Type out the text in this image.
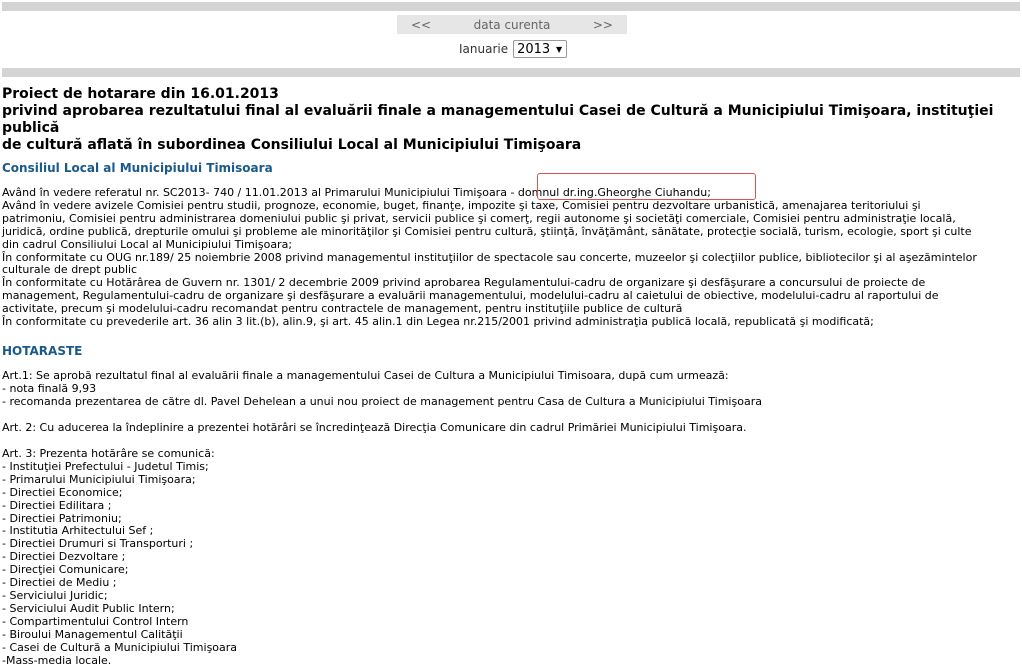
<<	data curenta	>>
Ianuarie 2013 ▼
Proiect de hotarare din 16.01.2013
privind aprobarea rezultatului final al evaluării finale a managementului Casei de Cultură a Municipiului Timişoara, instituţiei publică
de cultură aflată în subordinea Consiliului Local al Municipiului Timişoara
Consiliul Local al Municipiului Timisoara
Având în vedere referatul nr. SC2013- 740 / 11.01.2013 al Primarului Municipiului Timişoara - domnul dr.ing.Gheorghe Ciuhandu;
Având în vedere avizele Comisiei pentru studii, prognoze, economie, buget, finanţe, impozite şi taxe, Comisiei pentru dezvoltare urbanistică, amenajarea teritoriului şi
patrimoniu, Comisiei pentru administrarea domeniului public şi privat, servicii publice şi comerţ, regii autonome şi societăţi comerciale, Comisiei pentru administraţie locală,
juridică, ordine publică, drepturile omului şi probleme ale minorităţilor şi Comisiei pentru cultură, ştiinţă, învăţământ, sănătate, protecţie socială, turism, ecologie, sport şi culte
din cadrul Consiliului Local al Municipiului Timişoara;
În conformitate cu OUG nr.189/ 25 noiembrie 2008 privind managementul instituţiilor de spectacole sau concerte, muzeelor şi colecţiilor publice, bibliotecilor şi al aşezămintelor
culturale de drept public
În conformitate cu Hotărârea de Guvern nr. 1301/ 2 decembrie 2009 privind aprobarea Regulamentului-cadru de organizare şi desfăşurare a concursului de proiecte de
management, Regulamentului-cadru de organizare şi desfăşurare a evaluării managementului, modelului-cadru al caietului de obiective, modelului-cadru al raportului de
activitate, precum şi modelului-cadru recomandat pentru contractele de management, pentru instituţiile publice de cultură
În conformitate cu prevederile art. 36 alin 3 lit.(b), alin.9, şi art. 45 alin.1 din Legea nr.215/2001 privind administraţia publică locală, republicată şi modificată;
HOTARASTE
Art.1: Se aprobă rezultatul final al evaluării finale a managementului Casei de Cultura a Municipiului Timisoara, după cum urmează:
- nota finală 9,93
- recomanda prezentarea de către dl. Pavel Dehelean a unui nou proiect de management pentru Casa de Cultura a Municipiului Timişoara
Art. 2: Cu aducerea la îndeplinire a prezentei hotărâri se încredinţează Direcţia Comunicare din cadrul Primăriei Municipiului Timişoara.
Art. 3: Prezenta hotărâre se comunică:
- Instituţiei Prefectului - Judetul Timis;
- Primarului Municipiului Timişoara;
- Directiei Economice;
- Directiei Edilitara ;
- Directiei Patrimoniu;
- Institutia Arhitectului Sef ;
- Directiei Drumuri si Transporturi ;
- Directiei Dezvoltare ;
- Direcţiei Comunicare;
- Directiei de Mediu ;
- Serviciului Juridic;
- Serviciului Audit Public Intern;
- Compartimentului Control Intern
- Biroului Managementul Calităţii
- Casei de Cultură a Municipiului Timişoara
-Mass-media locale.
